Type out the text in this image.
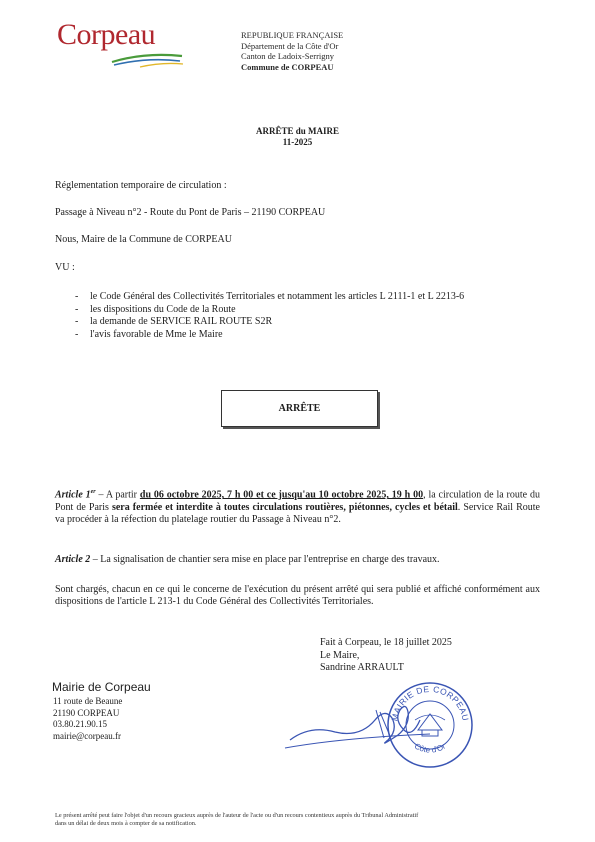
Corpeau	REPUBLIQUE FRANÇAISE
Département de la Côte d'Or
Canton de Ladoix-Serrigny
Commune de CORPEAU
ARRÊTE du MAIRE
11-2025
Réglementation temporaire de circulation :
Passage à Niveau n°2 - Route du Pont de Paris – 21190 CORPEAU
Nous, Maire de la Commune de CORPEAU
VU :
- le Code Général des Collectivités Territoriales et notamment les articles L 2111-1 et L 2213-6
- les dispositions du Code de la Route
- la demande de SERVICE RAIL ROUTE S2R
- l'avis favorable de Mme le Maire
ARRÊTE
Article 1er – A partir du 06 octobre 2025, 7 h 00 et ce jusqu'au 10 octobre 2025, 19 h 00, la circulation de la route du Pont de Paris sera fermée et interdite à toutes circulations routières, piétonnes, cycles et bétail. Service Rail Route va procéder à la réfection du platelage routier du Passage à Niveau n°2.
Article 2 – La signalisation de chantier sera mise en place par l'entreprise en charge des travaux.
Sont chargés, chacun en ce qui le concerne de l'exécution du présent arrêté qui sera publié et affiché conformément aux dispositions de l'article L 213-1 du Code Général des Collectivités Territoriales.
Fait à Corpeau, le 18 juillet 2025
Le Maire,
Sandrine ARRAULT
Mairie de Corpeau
11 route de Beaune
21190 CORPEAU
03.80.21.90.15
mairie@corpeau.fr
MAIRIE DE CORPEAU
Côte d'Or
Le présent arrêté peut faire l'objet d'un recours gracieux auprès de l'auteur de l'acte ou d'un recours contentieux auprès du Tribunal Administratif
dans un délai de deux mois à compter de sa notification.
